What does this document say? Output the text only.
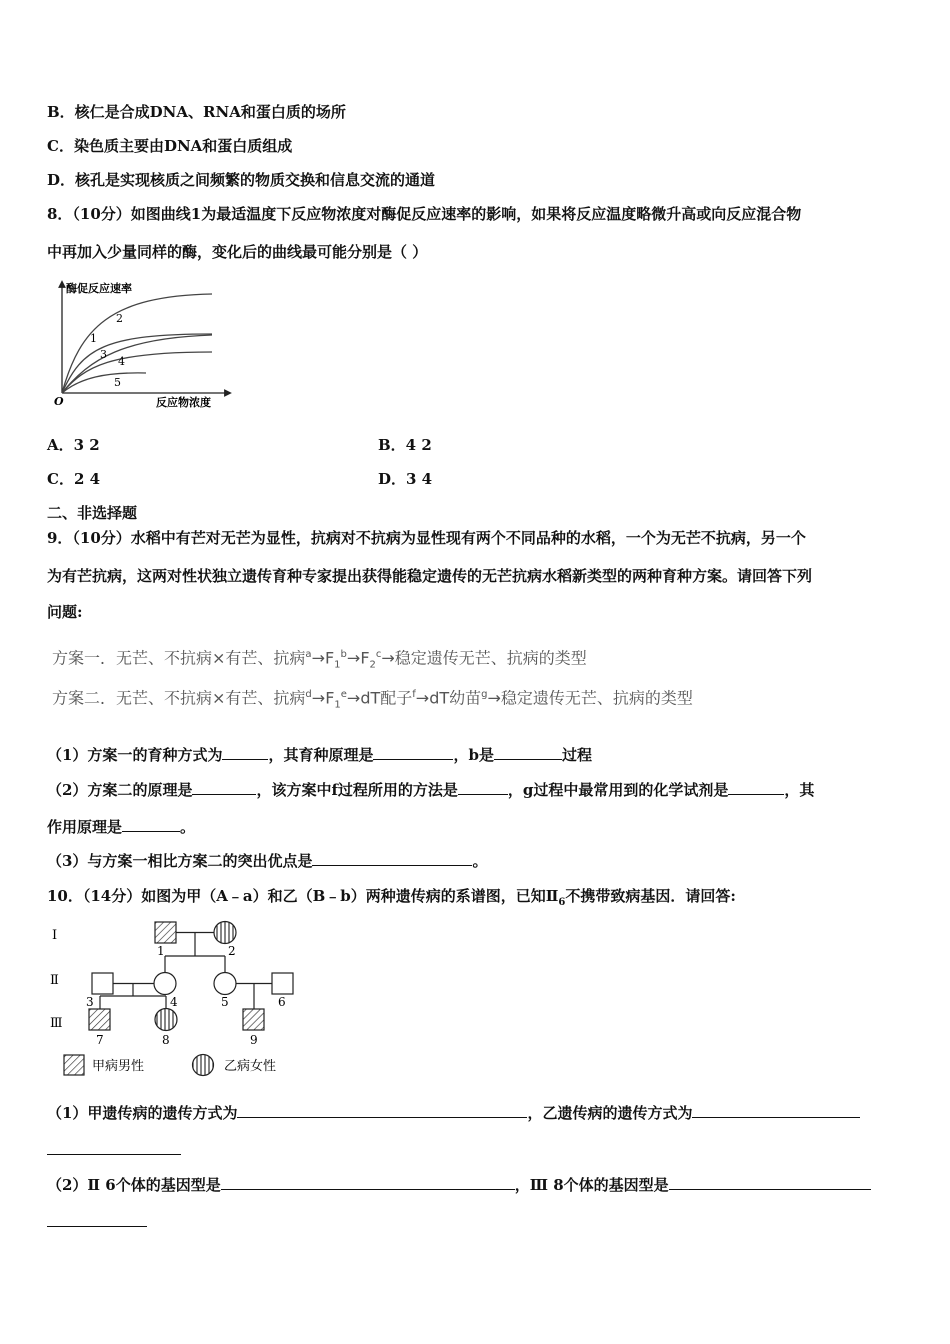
B．核仁是合成DNA、RNA和蛋白质的场所
C．染色质主要由DNA和蛋白质组成
D．核孔是实现核质之间频繁的物质交换和信息交流的通道
8．（10分）如图曲线1为最适温度下反应物浓度对酶促反应速率的影响，如果将反应温度略微升高或向反应混合物
中再加入少量同样的酶，变化后的曲线最可能分别是（ ）
酶促反应速率
反应物浓度
O
2
1
3
4
5
A．3 2	B．4 2
C．2 4	D．3 4
二、非选择题
9．（10分）水稻中有芒对无芒为显性，抗病对不抗病为显性现有两个不同品种的水稻，一个为无芒不抗病，另一个
为有芒抗病，这两对性状独立遗传育种专家提出获得能稳定遗传的无芒抗病水稻新类型的两种育种方案。请回答下列
问题:
方案一．无芒、不抗病×有芒、抗病$^a\to F_1^b\to F_2^c\to$稳定遗传无芒、抗病的类型
方案二．无芒、不抗病×有芒、抗病$^d\to F_1^e\to dT$配子$^f$→dT幼苗$^g$→稳定遗传无芒、抗病的类型
（1）方案一的育种方式为	，其育种原理是	，b是	过程
（2）方案二的原理是	，该方案中f过程所用的方法是	，g过程中最常用到的化学试剂是	，其
作用原理是	。
（3）与方案一相比方案二的突出优点是	。
10．（14分）如图为甲（A﹣a）和乙（B﹣b）两种遗传病的系谱图，已知$Ⅱ_6$不携带致病基因．请回答:
Ⅰ
Ⅱ
Ⅲ
1	2
3	4	5	6
7	8	9
甲病男性	乙病女性
（1）甲遗传病的遗传方式为	，乙遗传病的遗传方式为
（2）Ⅱ 6个体的基因型是	，Ⅲ 8个体的基因型是
